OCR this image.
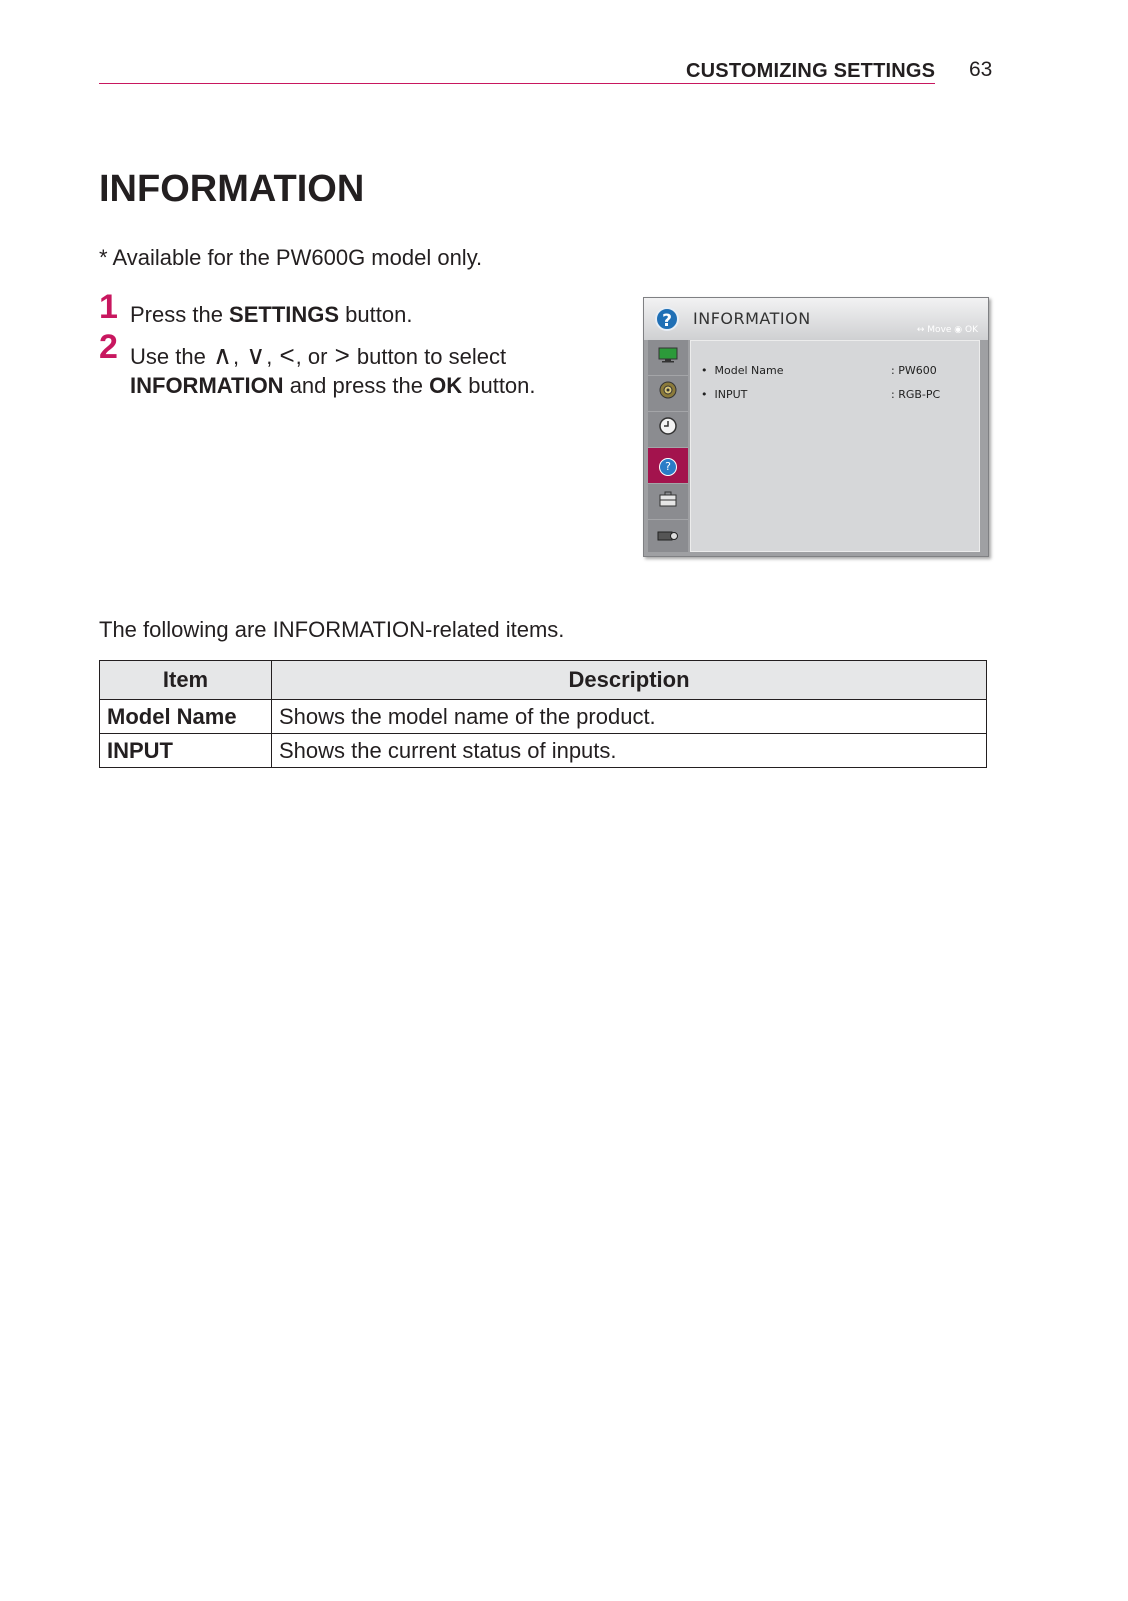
CUSTOMIZING SETTINGS 63
INFORMATION
* Available for the PW600G model only.
1 Press the SETTINGS button.
2 Use the ∧, ∨, <, or > button to select
INFORMATION and press the OK button.
?	INFORMATION
↔ Move ◉ OK
?
• Model Name	: PW600
• INPUT	: RGB-PC
The following are INFORMATION-related items.
Item	Description
Model Name	Shows the model name of the product.
INPUT	Shows the current status of inputs.
